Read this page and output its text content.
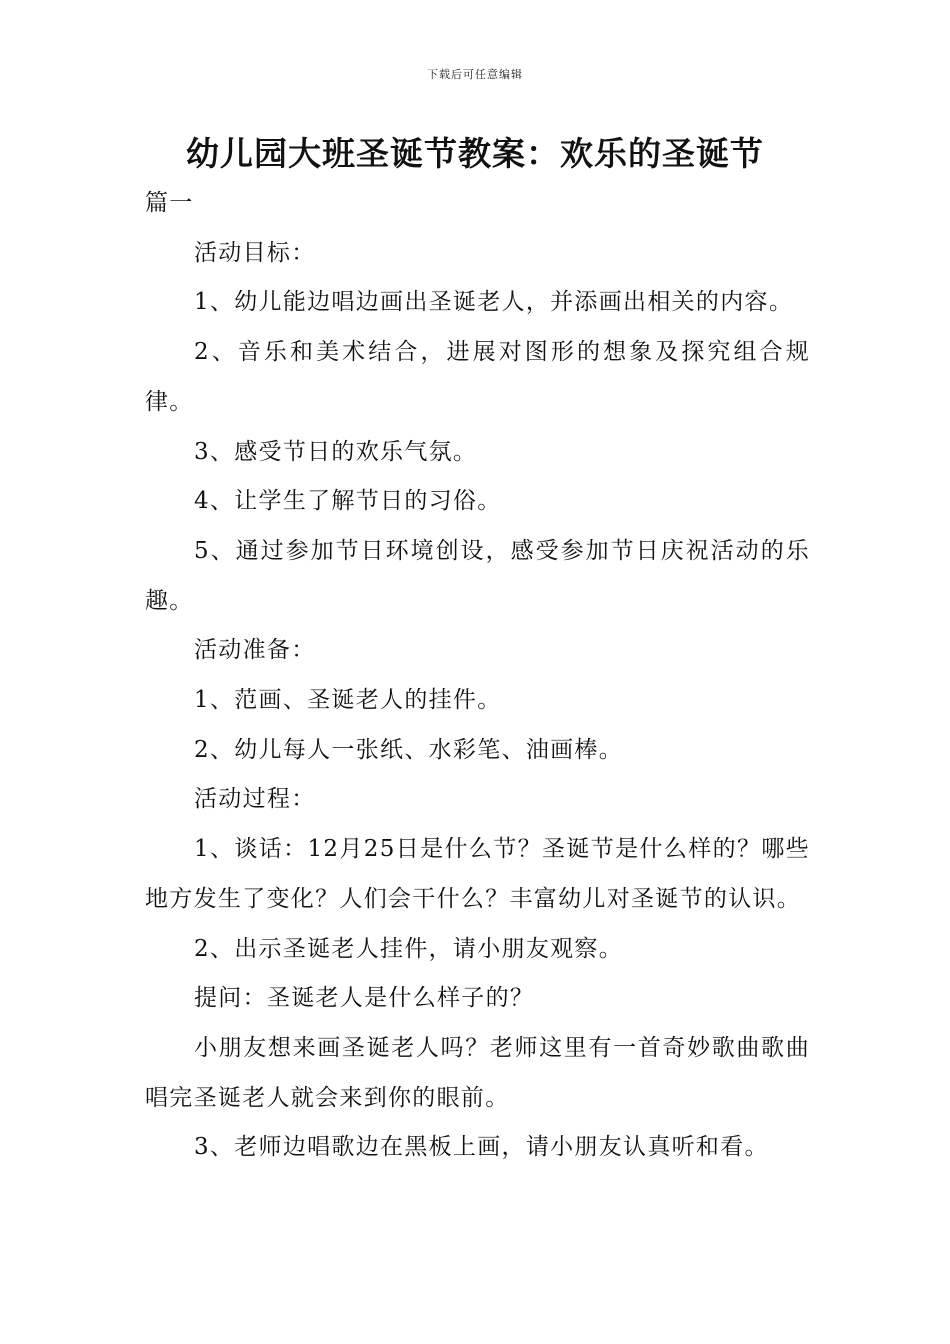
下载后可任意编辑
幼儿园大班圣诞节教案：欢乐的圣诞节

篇一

活动目标：

1、幼儿能边唱边画出圣诞老人，并添画出相关的内容。

2、音乐和美术结合，进展对图形的想象及探究组合规律。

3、感受节日的欢乐气氛。

4、让学生了解节日的习俗。

5、通过参加节日环境创设，感受参加节日庆祝活动的乐趣。

活动准备：

1、范画、圣诞老人的挂件。

2、幼儿每人一张纸、水彩笔、油画棒。

活动过程：

1、谈话：12月25日是什么节？圣诞节是什么样的？哪些地方发生了变化？人们会干什么？丰富幼儿对圣诞节的认识。

2、出示圣诞老人挂件，请小朋友观察。

提问：圣诞老人是什么样子的？

小朋友想来画圣诞老人吗？老师这里有一首奇妙歌曲歌曲唱完圣诞老人就会来到你的眼前。

3、老师边唱歌边在黑板上画，请小朋友认真听和看。
